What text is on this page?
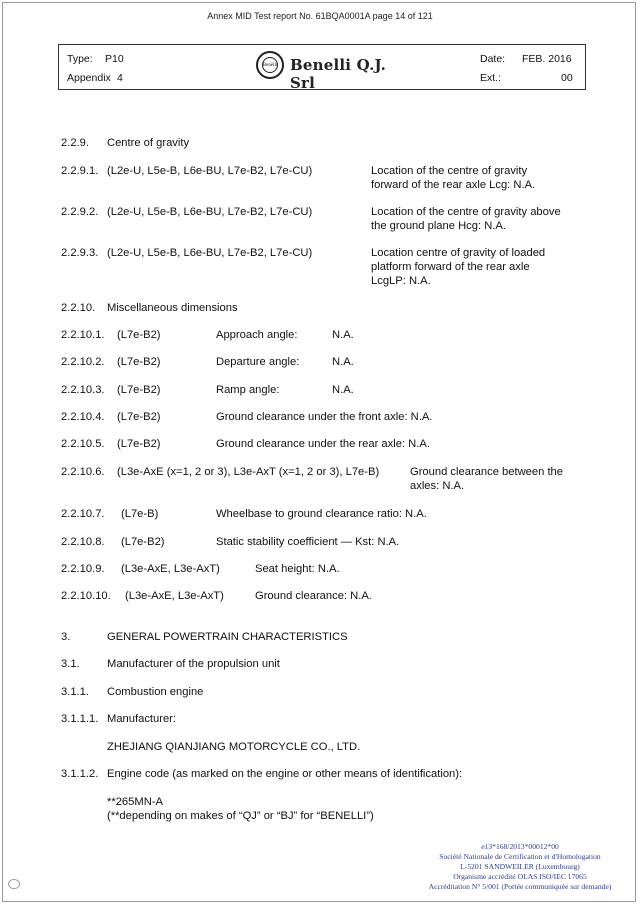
Annex MID Test report No. 61BQA0001A page 14 of 121
Type: P10
Appendix 4
Date: FEB. 2016
Ext.:	00
Benelli Benelli Q.J. Srl
2.2.9. Centre of gravity
2.2.9.1. (L2e-U, L5e-B, L6e-BU, L7e-B2, L7e-CU)	Location of the centre of gravity
forward of the rear axle Lcg: N.A.
2.2.9.2. (L2e-U, L5e-B, L6e-BU, L7e-B2, L7e-CU)	Location of the centre of gravity above
the ground plane Hcg: N.A.
2.2.9.3. (L2e-U, L5e-B, L6e-BU, L7e-B2, L7e-CU)	Location centre of gravity of loaded
platform forward of the rear axle
LcgLP: N.A.
2.2.10. Miscellaneous dimensions
2.2.10.1. (L7e-B2)	Approach angle:	N.A.
2.2.10.2. (L7e-B2)	Departure angle:	N.A.
2.2.10.3. (L7e-B2)	Ramp angle:	N.A.
2.2.10.4. (L7e-B2)	Ground clearance under the front axle: N.A.
2.2.10.5. (L7e-B2)	Ground clearance under the rear axle: N.A.
2.2.10.6. (L3e-AxE (x=1, 2 or 3), L3e-AxT (x=1, 2 or 3), L7e-B)	Ground clearance between the
axles: N.A.
2.2.10.7. (L7e-B)	Wheelbase to ground clearance ratio: N.A.
2.2.10.8. (L7e-B2)	Static stability coefficient — Kst: N.A.
2.2.10.9. (L3e-AxE, L3e-AxT)	Seat height: N.A.
2.2.10.10. (L3e-AxE, L3e-AxT)	Ground clearance: N.A.
3.	GENERAL POWERTRAIN CHARACTERISTICS
3.1. Manufacturer of the propulsion unit
3.1.1. Combustion engine
3.1.1.1. Manufacturer:
ZHEJIANG QIANJIANG MOTORCYCLE CO., LTD.
3.1.1.2. Engine code (as marked on the engine or other means of identification):
**265MN-A
(**depending on makes of “QJ” or “BJ” for “BENELLI”)
e13*168/2013*00012*00
Société Nationale de Certification et d'Homologation
L-5201 SANDWEILER (Luxembourg)
Organisme accrédité OLAS ISO/IEC 17065
Accréditation N° 5/001 (Portée communiquée sur demande)
